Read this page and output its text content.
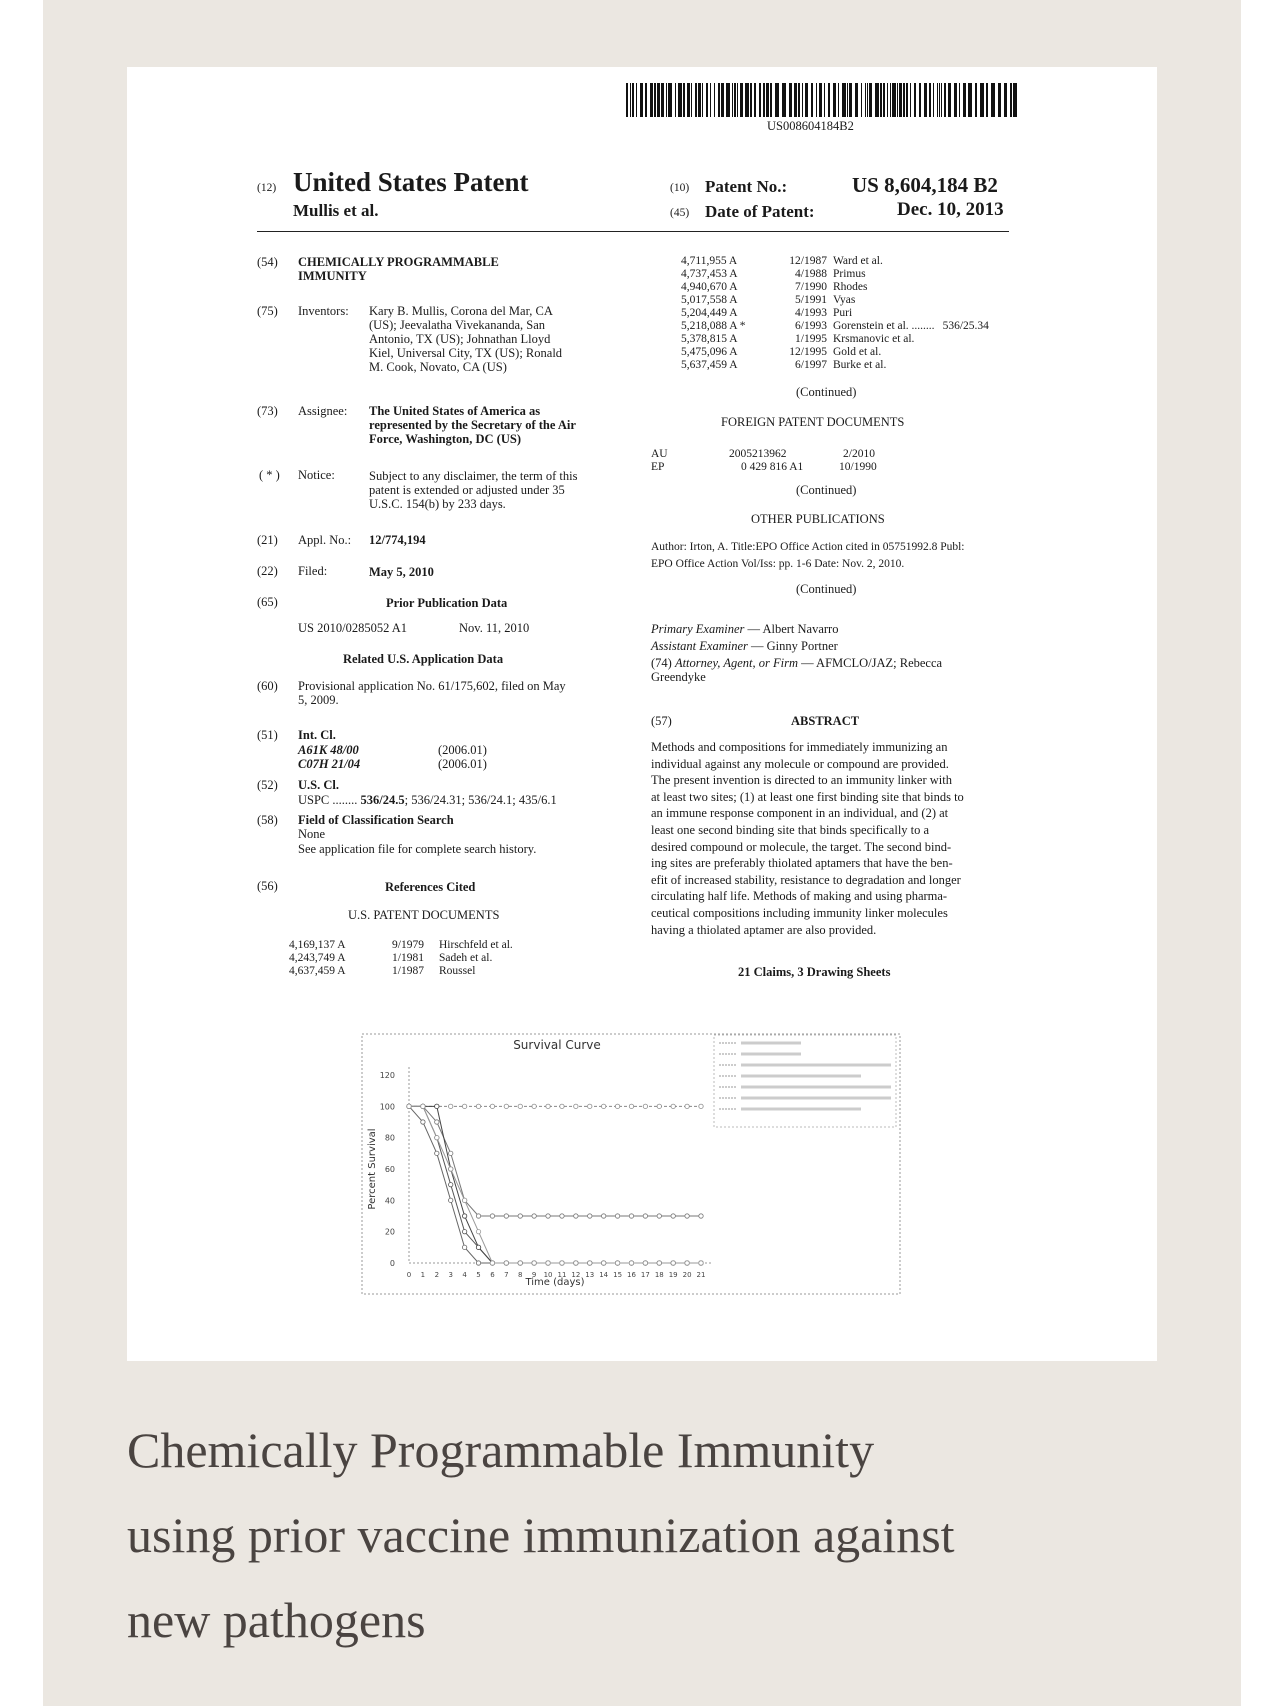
US008604184B2
(12) United States Patent
Mullis et al.
(10) Patent No.:	US 8,604,184 B2
(45) Date of Patent:	Dec. 10, 2013
(54) CHEMICALLY PROGRAMMABLE
IMMUNITY
(75) Inventors: Kary B. Mullis, Corona del Mar, CA
(US); Jeevalatha Vivekananda, San
Antonio, TX (US); Johnathan Lloyd
Kiel, Universal City, TX (US); Ronald
M. Cook, Novato, CA (US)
(73) Assignee: The United States of America as
represented by the Secretary of the Air
Force, Washington, DC (US)
( * ) Notice:	Subject to any disclaimer, the term of this
patent is extended or adjusted under 35
U.S.C. 154(b) by 233 days.
(21) Appl. No.: 12/774,194
(22) Filed:	May 5, 2010
(65)	Prior Publication Data
US 2010/0285052 A1	Nov. 11, 2010
Related U.S. Application Data
(60) Provisional application No. 61/175,602, filed on May
5, 2009.
(51) Int. Cl.
A61K 48/00	(2006.01)
C07H 21/04	(2006.01)
(52) U.S. Cl.
USPC ........ 536/24.5; 536/24.31; 536/24.1; 435/6.1
(58) Field of Classification Search
None
See application file for complete search history.
(56)	References Cited
U.S. PATENT DOCUMENTS
4,169,137 A	9/1979 Hirschfeld et al.
4,243,749 A	1/1981 Sadeh et al.
4,637,459 A	1/1987 Roussel
4,711,955 A	12/1987 Ward et al.
4,737,453 A	4/1988 Primus
4,940,670 A	7/1990 Rhodes
5,017,558 A	5/1991 Vyas
5,204,449 A	4/1993 Puri
5,218,088 A *	6/1993 Gorenstein et al. ........ 536/25.34
5,378,815 A	1/1995 Krsmanovic et al.
5,475,096 A	12/1995 Gold et al.
5,637,459 A	6/1997 Burke et al.
(Continued)
FOREIGN PATENT DOCUMENTS
AU	2005213962	2/2010
EP	0 429 816 A1	10/1990
(Continued)
OTHER PUBLICATIONS
Author: Irton, A. Title:EPO Office Action cited in 05751992.8 Publ:
EPO Office Action Vol/Iss: pp. 1-6 Date: Nov. 2, 2010.
(Continued)
Primary Examiner — Albert Navarro
Assistant Examiner — Ginny Portner
(74) Attorney, Agent, or Firm — AFMCLO/JAZ; Rebecca
Greendyke
(57)	ABSTRACT
Methods and compositions for immediately immunizing an
individual against any molecule or compound are provided.
The present invention is directed to an immunity linker with
at least two sites; (1) at least one first binding site that binds to
an immune response component in an individual, and (2) at
least one second binding site that binds specifically to a
desired compound or molecule, the target. The second bind-
ing sites are preferably thiolated aptamers that have the ben-
efit of increased stability, resistance to degradation and longer
circulating half life. Methods of making and using pharma-
ceutical compositions including immunity linker molecules
having a thiolated aptamer are also provided.
21 Claims, 3 Drawing Sheets
Survival Curve
Time (days)
Percent Survival
0
20
40
60
80
100
120
0 1 2 3 4 5 6 7 8 9 10 11 12 13 14 15 16 17 18 19 20 21
Chemically Programmable Immunity
using prior vaccine immunization against
new pathogens
